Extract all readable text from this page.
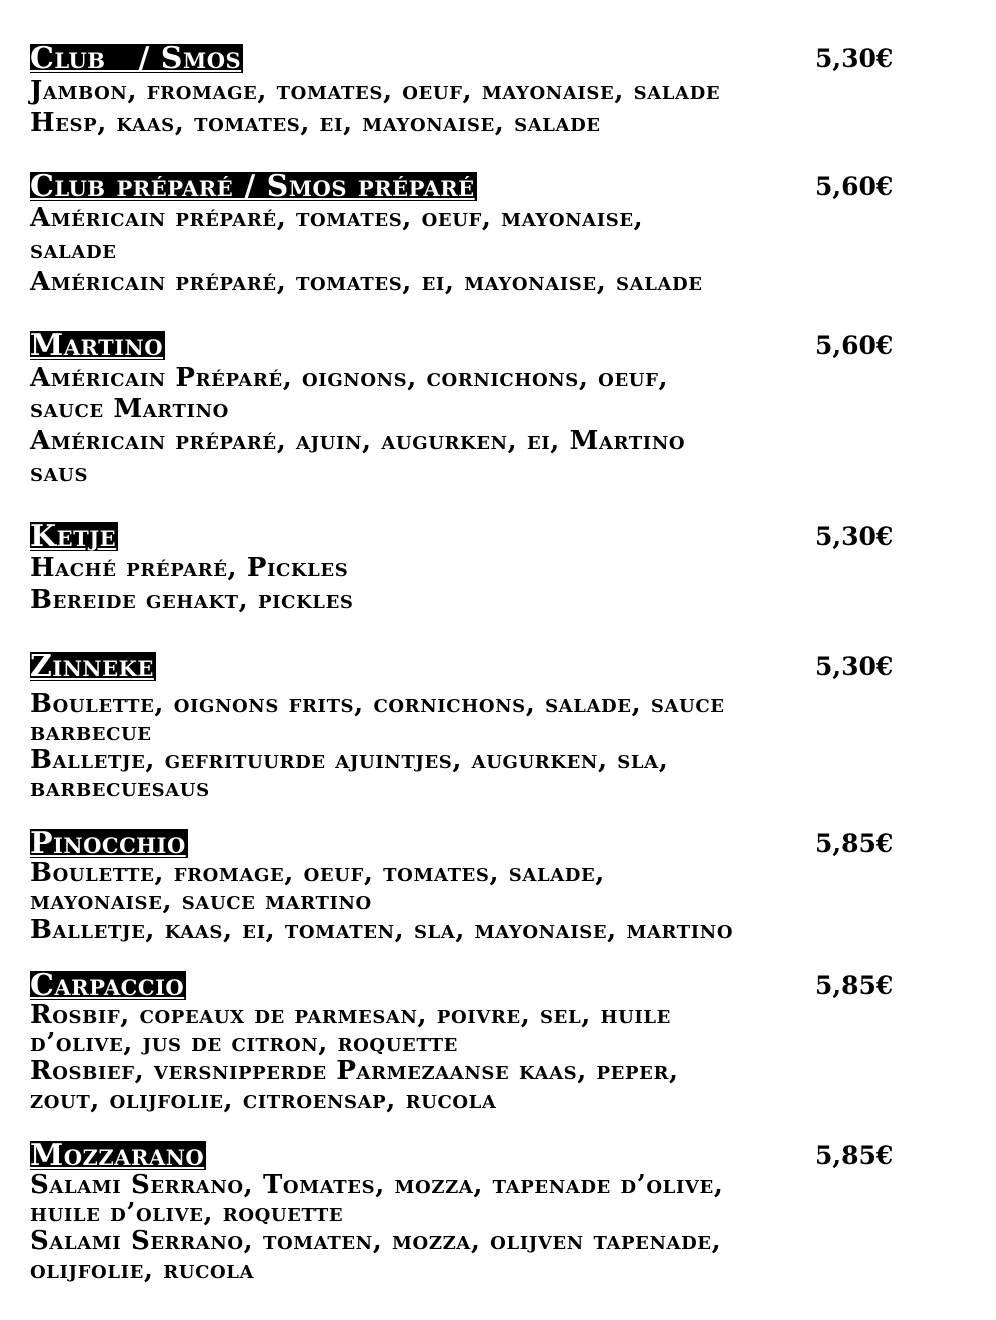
Club   / Smos	5,30€
Jambon, fromage, tomates, oeuf, mayonaise, salade
Hesp, kaas, tomates, ei, mayonaise, salade
Club préparé / Smos préparé	5,60€
Américain préparé, tomates, oeuf, mayonaise,
salade
Américain préparé, tomates, ei, mayonaise, salade
Martino	5,60€
Américain Préparé, oignons, cornichons, oeuf,
sauce Martino
Américain préparé, ajuin, augurken, ei, Martino
saus
Ketje	5,30€
Haché préparé, Pickles
Bereide gehakt, pickles
Zinneke	5,30€
Boulette, oignons frits, cornichons, salade, sauce
barbecue
Balletje, gefrituurde ajuintjes, augurken, sla,
barbecuesaus
Pinocchio	5,85€
Boulette, fromage, oeuf, tomates, salade,
mayonaise, sauce martino
Balletje, kaas, ei, tomaten, sla, mayonaise, martino
Carpaccio	5,85€
Rosbif, copeaux de parmesan, poivre, sel, huile
d’olive, jus de citron, roquette
Rosbief, versnipperde Parmezaanse kaas, peper,
zout, olijfolie, citroensap, rucola
Mozzarano	5,85€
Salami Serrano, Tomates, mozza, tapenade d’olive,
huile d’olive, roquette
Salami Serrano, tomaten, mozza, olijven tapenade,
olijfolie, rucola
